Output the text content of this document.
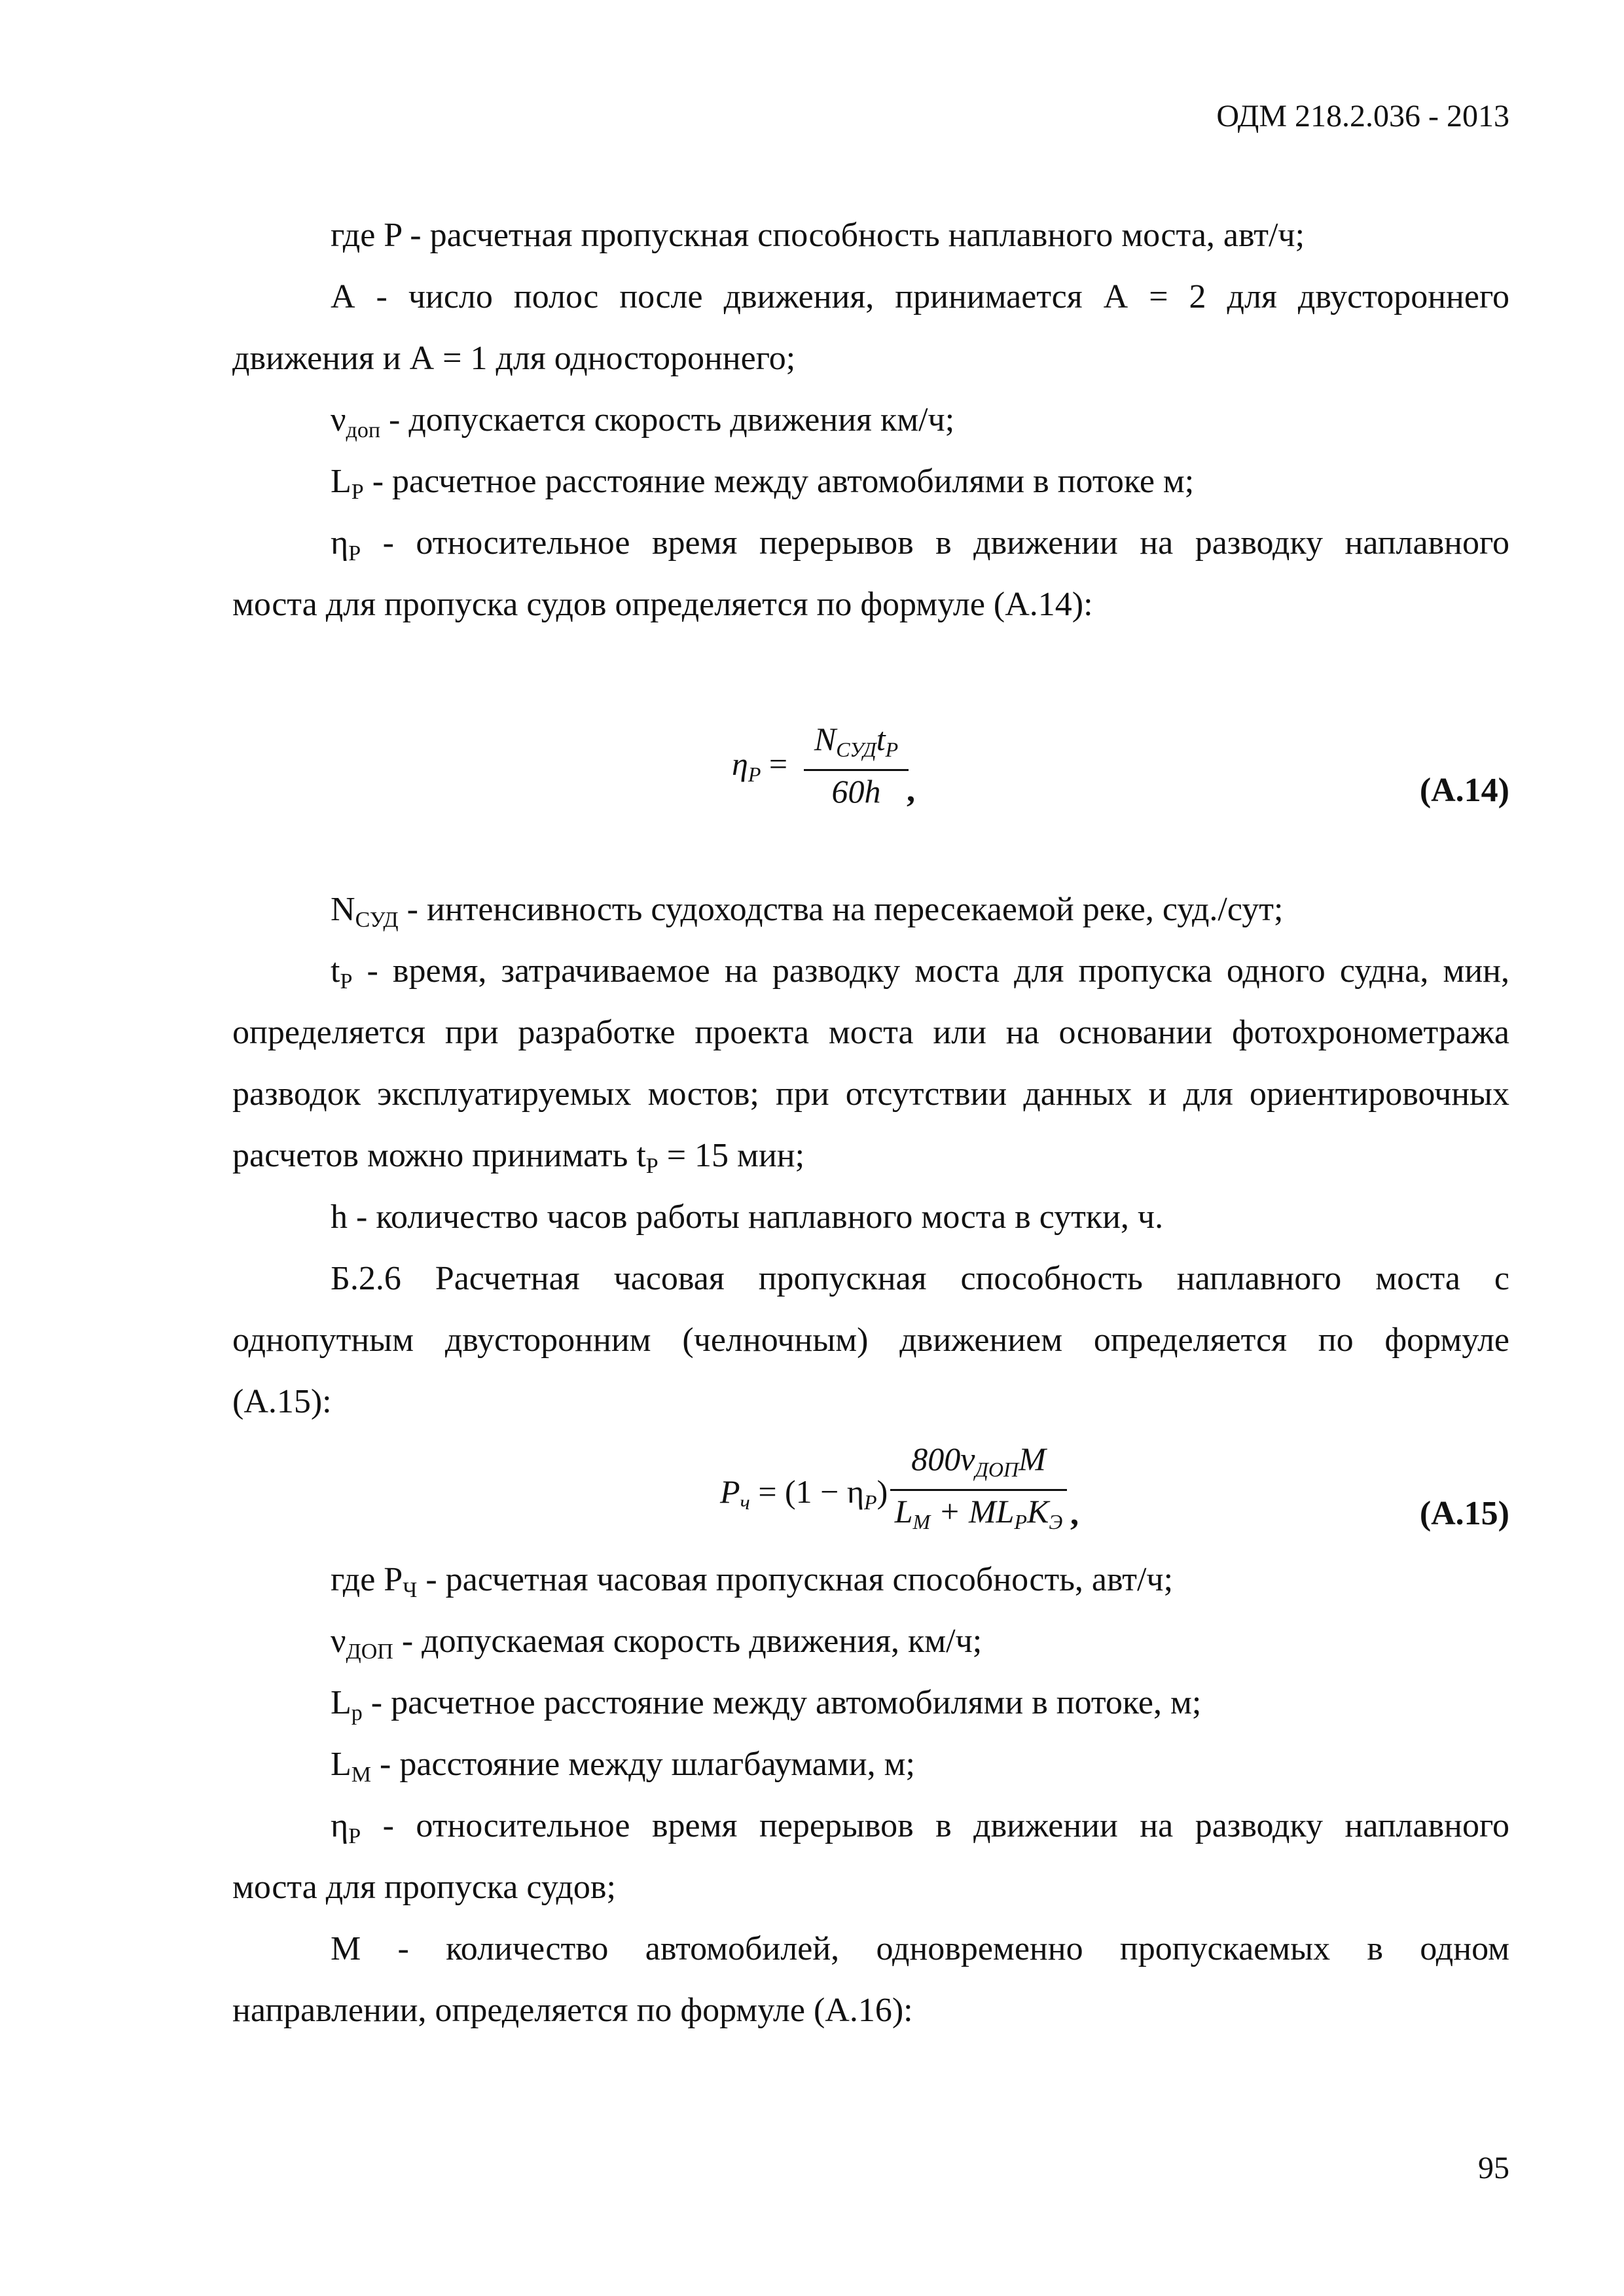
ОДМ 218.2.036 - 2013
где P - расчетная пропускная способность наплавного моста, авт/ч;
А - число полос после движения, принимается А = 2 для двустороннего
движения и А = 1 для одностороннего;
νдоп - допускается скорость движения км/ч;
LP - расчетное расстояние между автомобилями в потоке м;
ηP - относительное время перерывов в движении на разводку наплавного
моста для пропуска судов определяется по формуле (А.14):
$\eta_P$ =
$N_{СУД}t_P$
60h ,	(А.14)
NСУД - интенсивность судоходства на пересекаемой реке, суд./сут;
tP - время, затрачиваемое на разводку моста для пропуска одного судна, мин,
определяется при разработке проекта моста или на основании фотохронометража
разводок эксплуатируемых мостов; при отсутствии данных и для ориентировочных
расчетов можно принимать tP = 15 мин;
h - количество часов работы наплавного моста в сутки, ч.
Б.2.6 Расчетная часовая пропускная способность наплавного моста с
однопутным двусторонним (челночным) движением определяется по формуле
(А.15):
$P_ч = (1 - \eta_P)$
$800\nu_{ДОП}M$
$L_M + ML_PK_Э$ ,	(А.15)
где PЧ - расчетная часовая пропускная способность, авт/ч;
νДОП - допускаемая скорость движения, км/ч;
Lp - расчетное расстояние между автомобилями в потоке, м;
LM - расстояние между шлагбаумами, м;
ηP - относительное время перерывов в движении на разводку наплавного
моста для пропуска судов;
М - количество автомобилей, одновременно пропускаемых в одном
направлении, определяется по формуле (А.16):
95
